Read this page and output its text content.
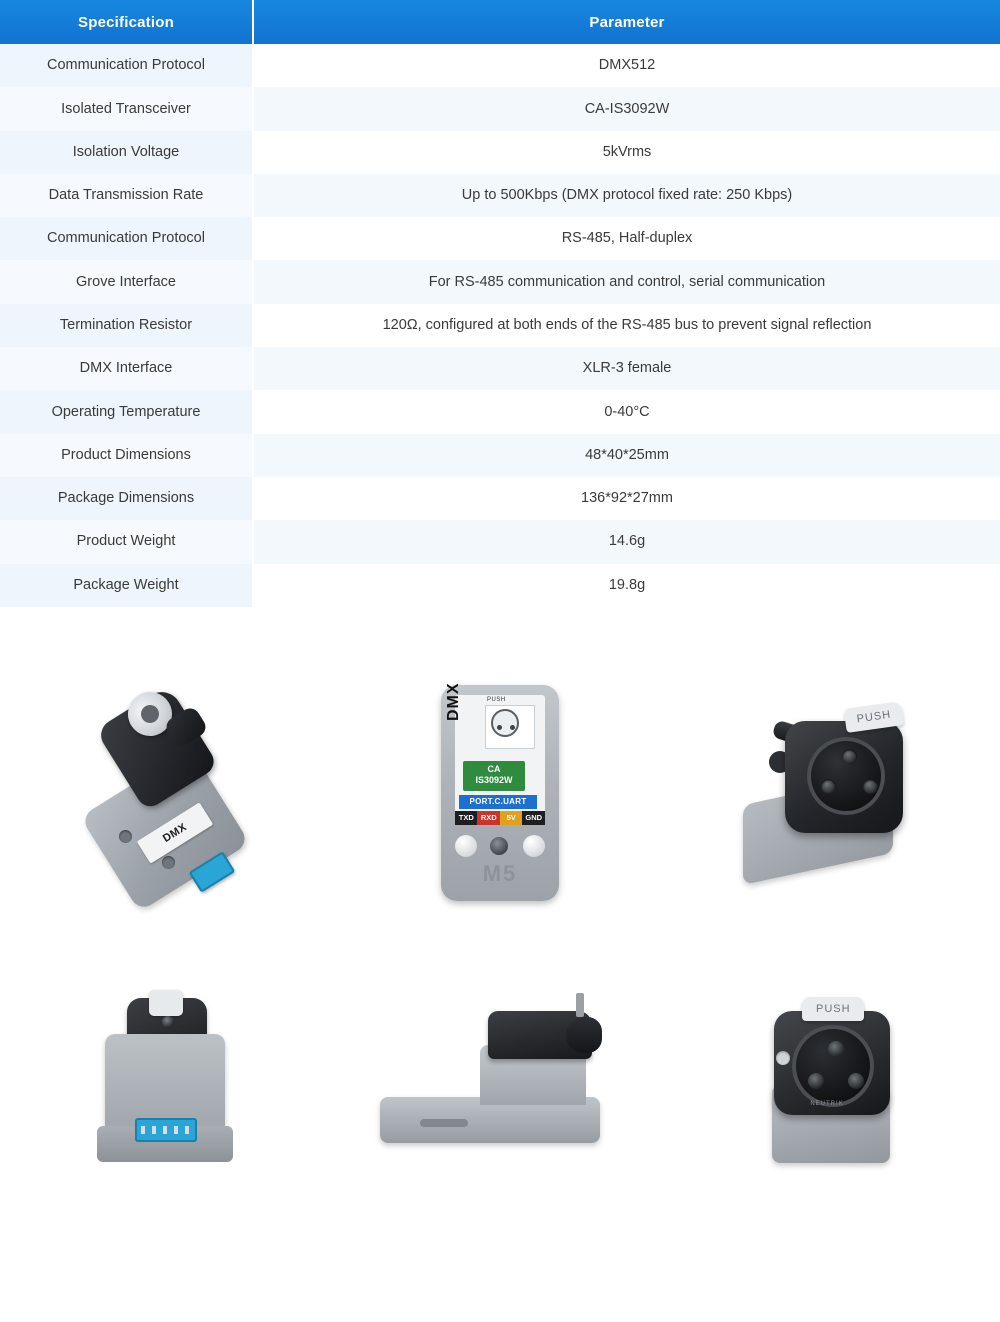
Specification	Parameter
Communication Protocol	DMX512
Isolated Transceiver	CA-IS3092W
Isolation Voltage	5kVrms
Data Transmission Rate	Up to 500Kbps (DMX protocol fixed rate: 250 Kbps)
Communication Protocol	RS-485, Half-duplex
Grove Interface	For RS-485 communication and control, serial communication
Termination Resistor	120Ω, configured at both ends of the RS-485 bus to prevent signal reflection
DMX Interface	XLR-3 female
Operating Temperature	0-40°C
Product Dimensions	48*40*25mm
Package Dimensions	136*92*27mm
Product Weight	14.6g
Package Weight	19.8g
DMX
PUSH
DMX
CA
IS3092W
PORT.C.UART
TXD RXD	5V	GND
M5
PUSH
PUSH
NEUTRIK
